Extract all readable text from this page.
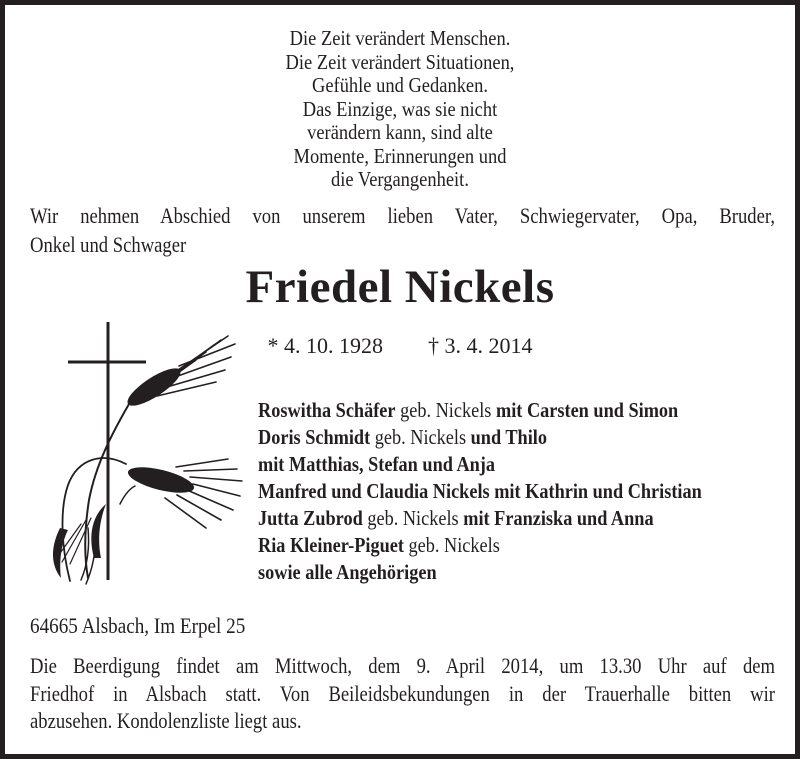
Die Zeit verändert Menschen.
Die Zeit verändert Situationen,
Gefühle und Gedanken.
Das Einzige, was sie nicht
verändern kann, sind alte
Momente, Erinnerungen und
die Vergangenheit.
Wir nehmen Abschied von unserem lieben Vater, Schwiegervater, Opa, Bruder,
Onkel und Schwager
Friedel Nickels
* 4. 10. 1928 † 3. 4. 2014
Roswitha Schäfer geb. Nickels mit Carsten und Simon
Doris Schmidt geb. Nickels und Thilo
mit Matthias, Stefan und Anja
Manfred und Claudia Nickels mit Kathrin und Christian
Jutta Zubrod geb. Nickels mit Franziska und Anna
Ria Kleiner-Piguet geb. Nickels
sowie alle Angehörigen
64665 Alsbach, Im Erpel 25
Die Beerdigung findet am Mittwoch, dem 9. April 2014, um 13.30 Uhr auf dem
Friedhof in Alsbach statt. Von Beileidsbekundungen in der Trauerhalle bitten wir
abzusehen. Kondolenzliste liegt aus.
